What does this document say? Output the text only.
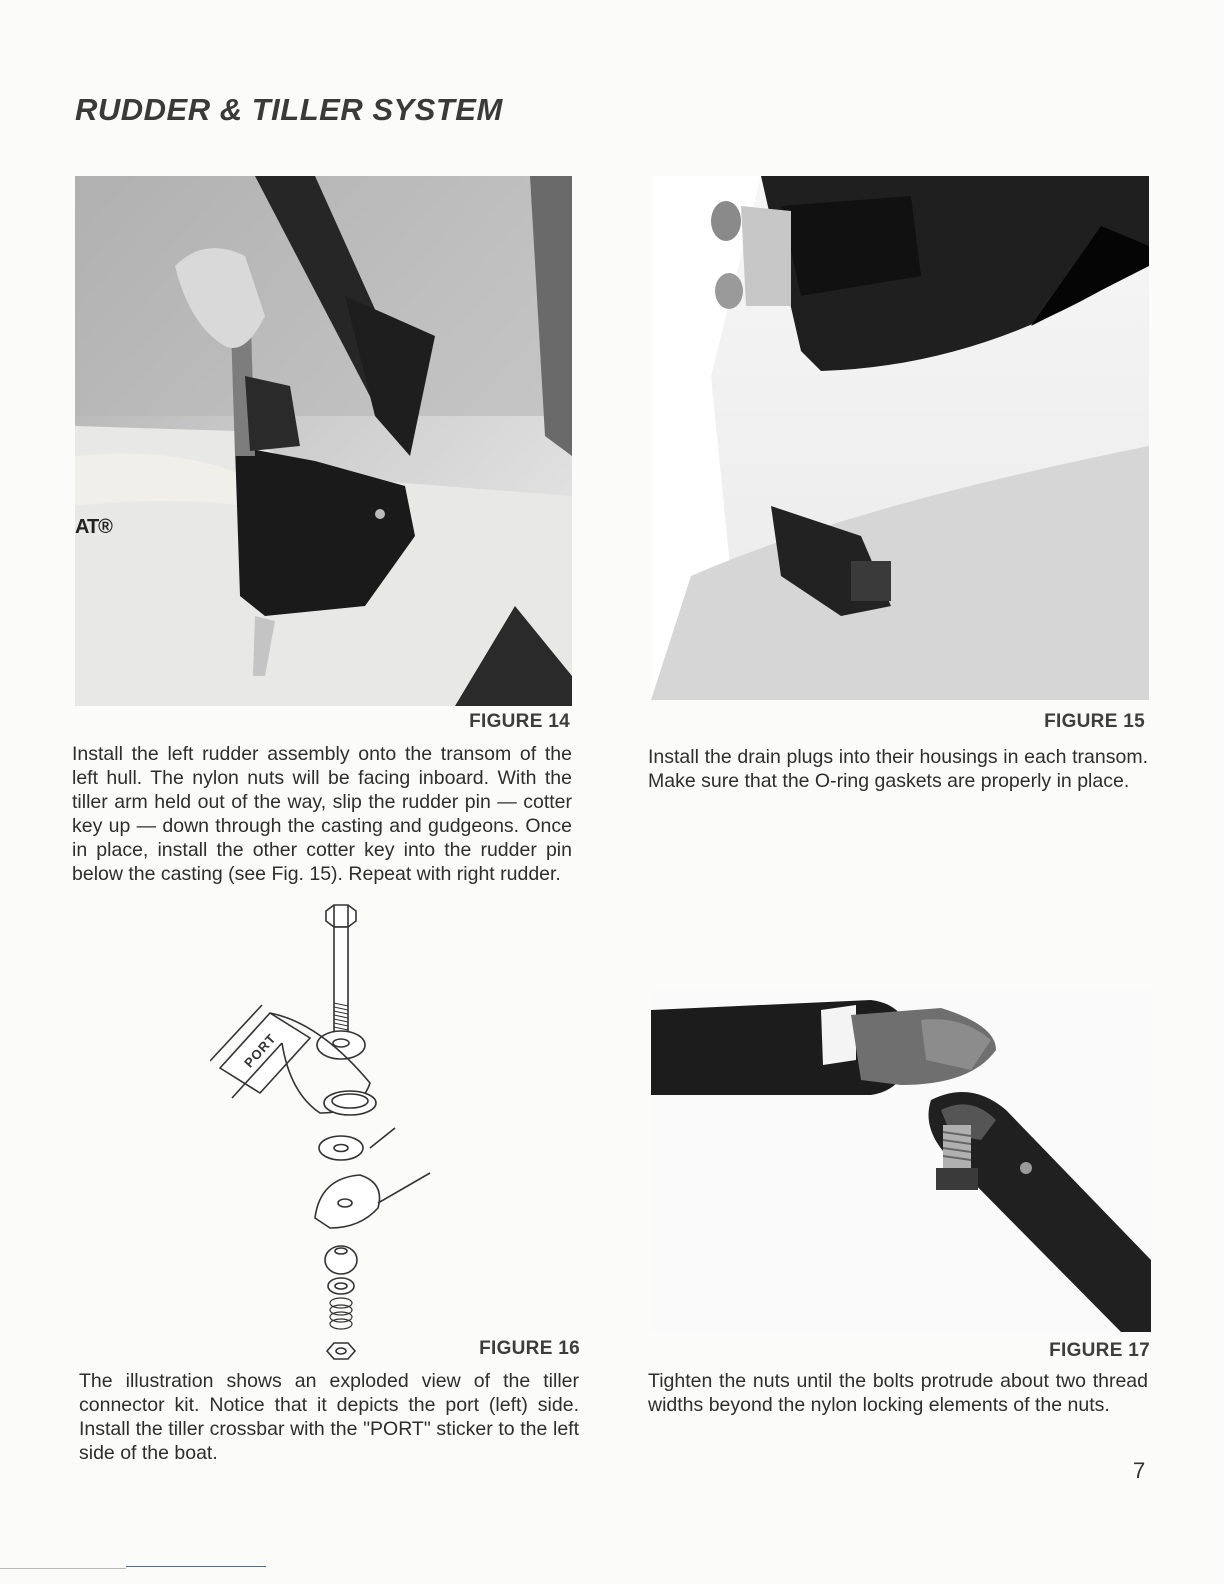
RUDDER & TILLER SYSTEM
AT®
FIGURE 14

Install the left rudder assembly onto the transom of the left hull. The nylon nuts will be facing inboard. With the tiller arm held out of the way, slip the rudder pin — cotter key up — down through the casting and gudgeons. Once in place, install the other cotter key into the rudder pin below the casting (see Fig. 15). Repeat with right rudder.

FIGURE 15

Install the drain plugs into their housings in each transom. Make sure that the O-ring gaskets are properly in place.

PORT
FIGURE 16

The illustration shows an exploded view of the tiller connector kit. Notice that it depicts the port (left) side. Install the tiller crossbar with the "PORT" sticker to the left side of the boat.

FIGURE 17

Tighten the nuts until the bolts protrude about two thread widths beyond the nylon locking elements of the nuts.

7
